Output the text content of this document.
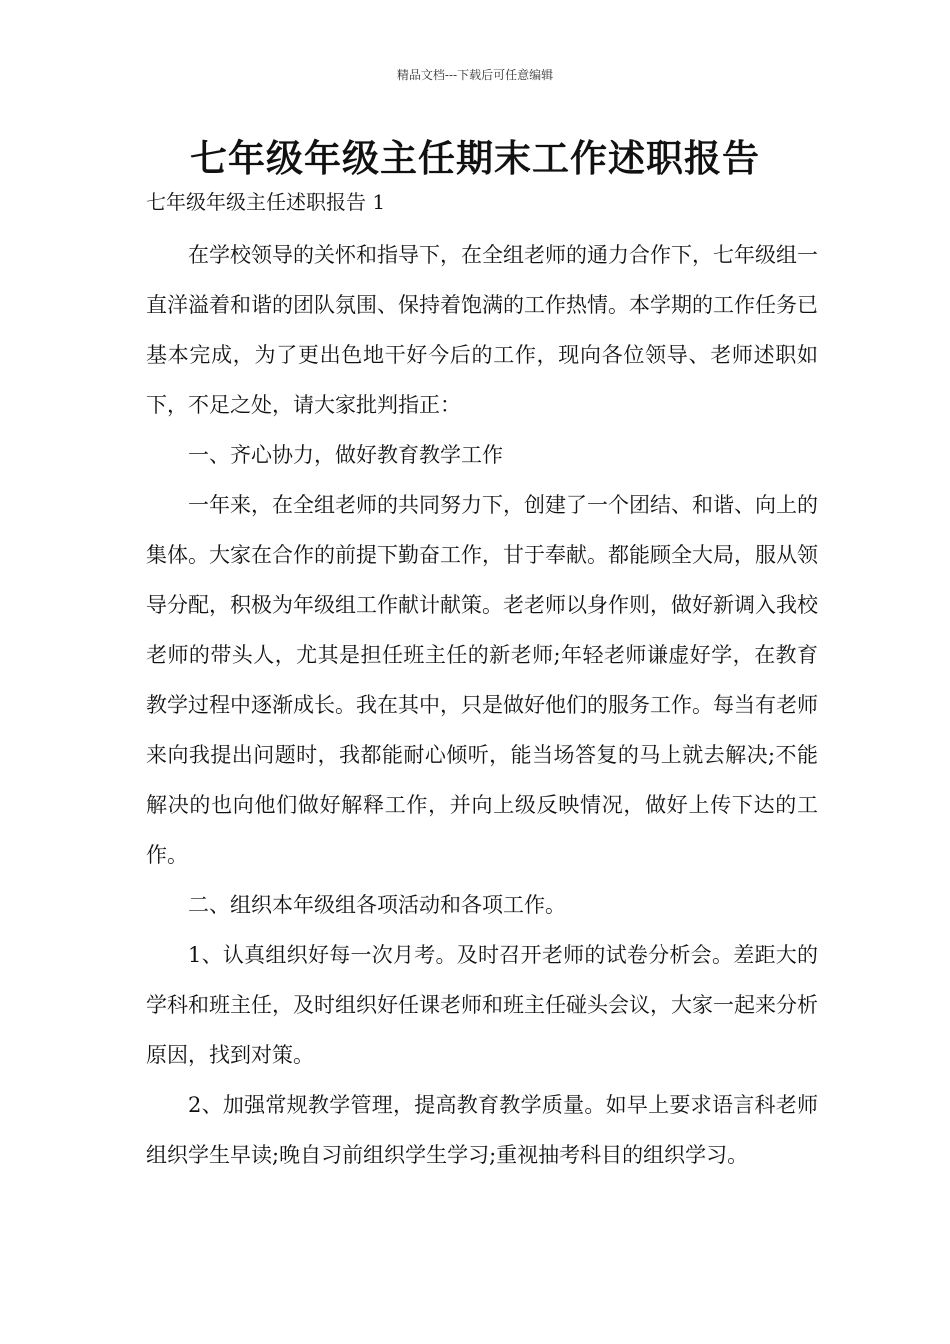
精品文档---下载后可任意编辑
七年级年级主任期末工作述职报告
七年级年级主任述职报告 1

在学校领导的关怀和指导下，在全组老师的通力合作下，七年级组一直洋溢着和谐的团队氛围、保持着饱满的工作热情。本学期的工作任务已基本完成，为了更出色地干好今后的工作，现向各位领导、老师述职如下，不足之处，请大家批判指正：

一、齐心协力，做好教育教学工作

一年来，在全组老师的共同努力下，创建了一个团结、和谐、向上的集体。大家在合作的前提下勤奋工作，甘于奉献。都能顾全大局，服从领导分配，积极为年级组工作献计献策。老老师以身作则，做好新调入我校老师的带头人，尤其是担任班主任的新老师;年轻老师谦虚好学，在教育教学过程中逐渐成长。我在其中，只是做好他们的服务工作。每当有老师来向我提出问题时，我都能耐心倾听，能当场答复的马上就去解决;不能解决的也向他们做好解释工作，并向上级反映情况，做好上传下达的工作。

二、组织本年级组各项活动和各项工作。

1、认真组织好每一次月考。及时召开老师的试卷分析会。差距大的学科和班主任，及时组织好任课老师和班主任碰头会议，大家一起来分析原因，找到对策。

2、加强常规教学管理，提高教育教学质量。如早上要求语言科老师组织学生早读;晚自习前组织学生学习;重视抽考科目的组织学习。
